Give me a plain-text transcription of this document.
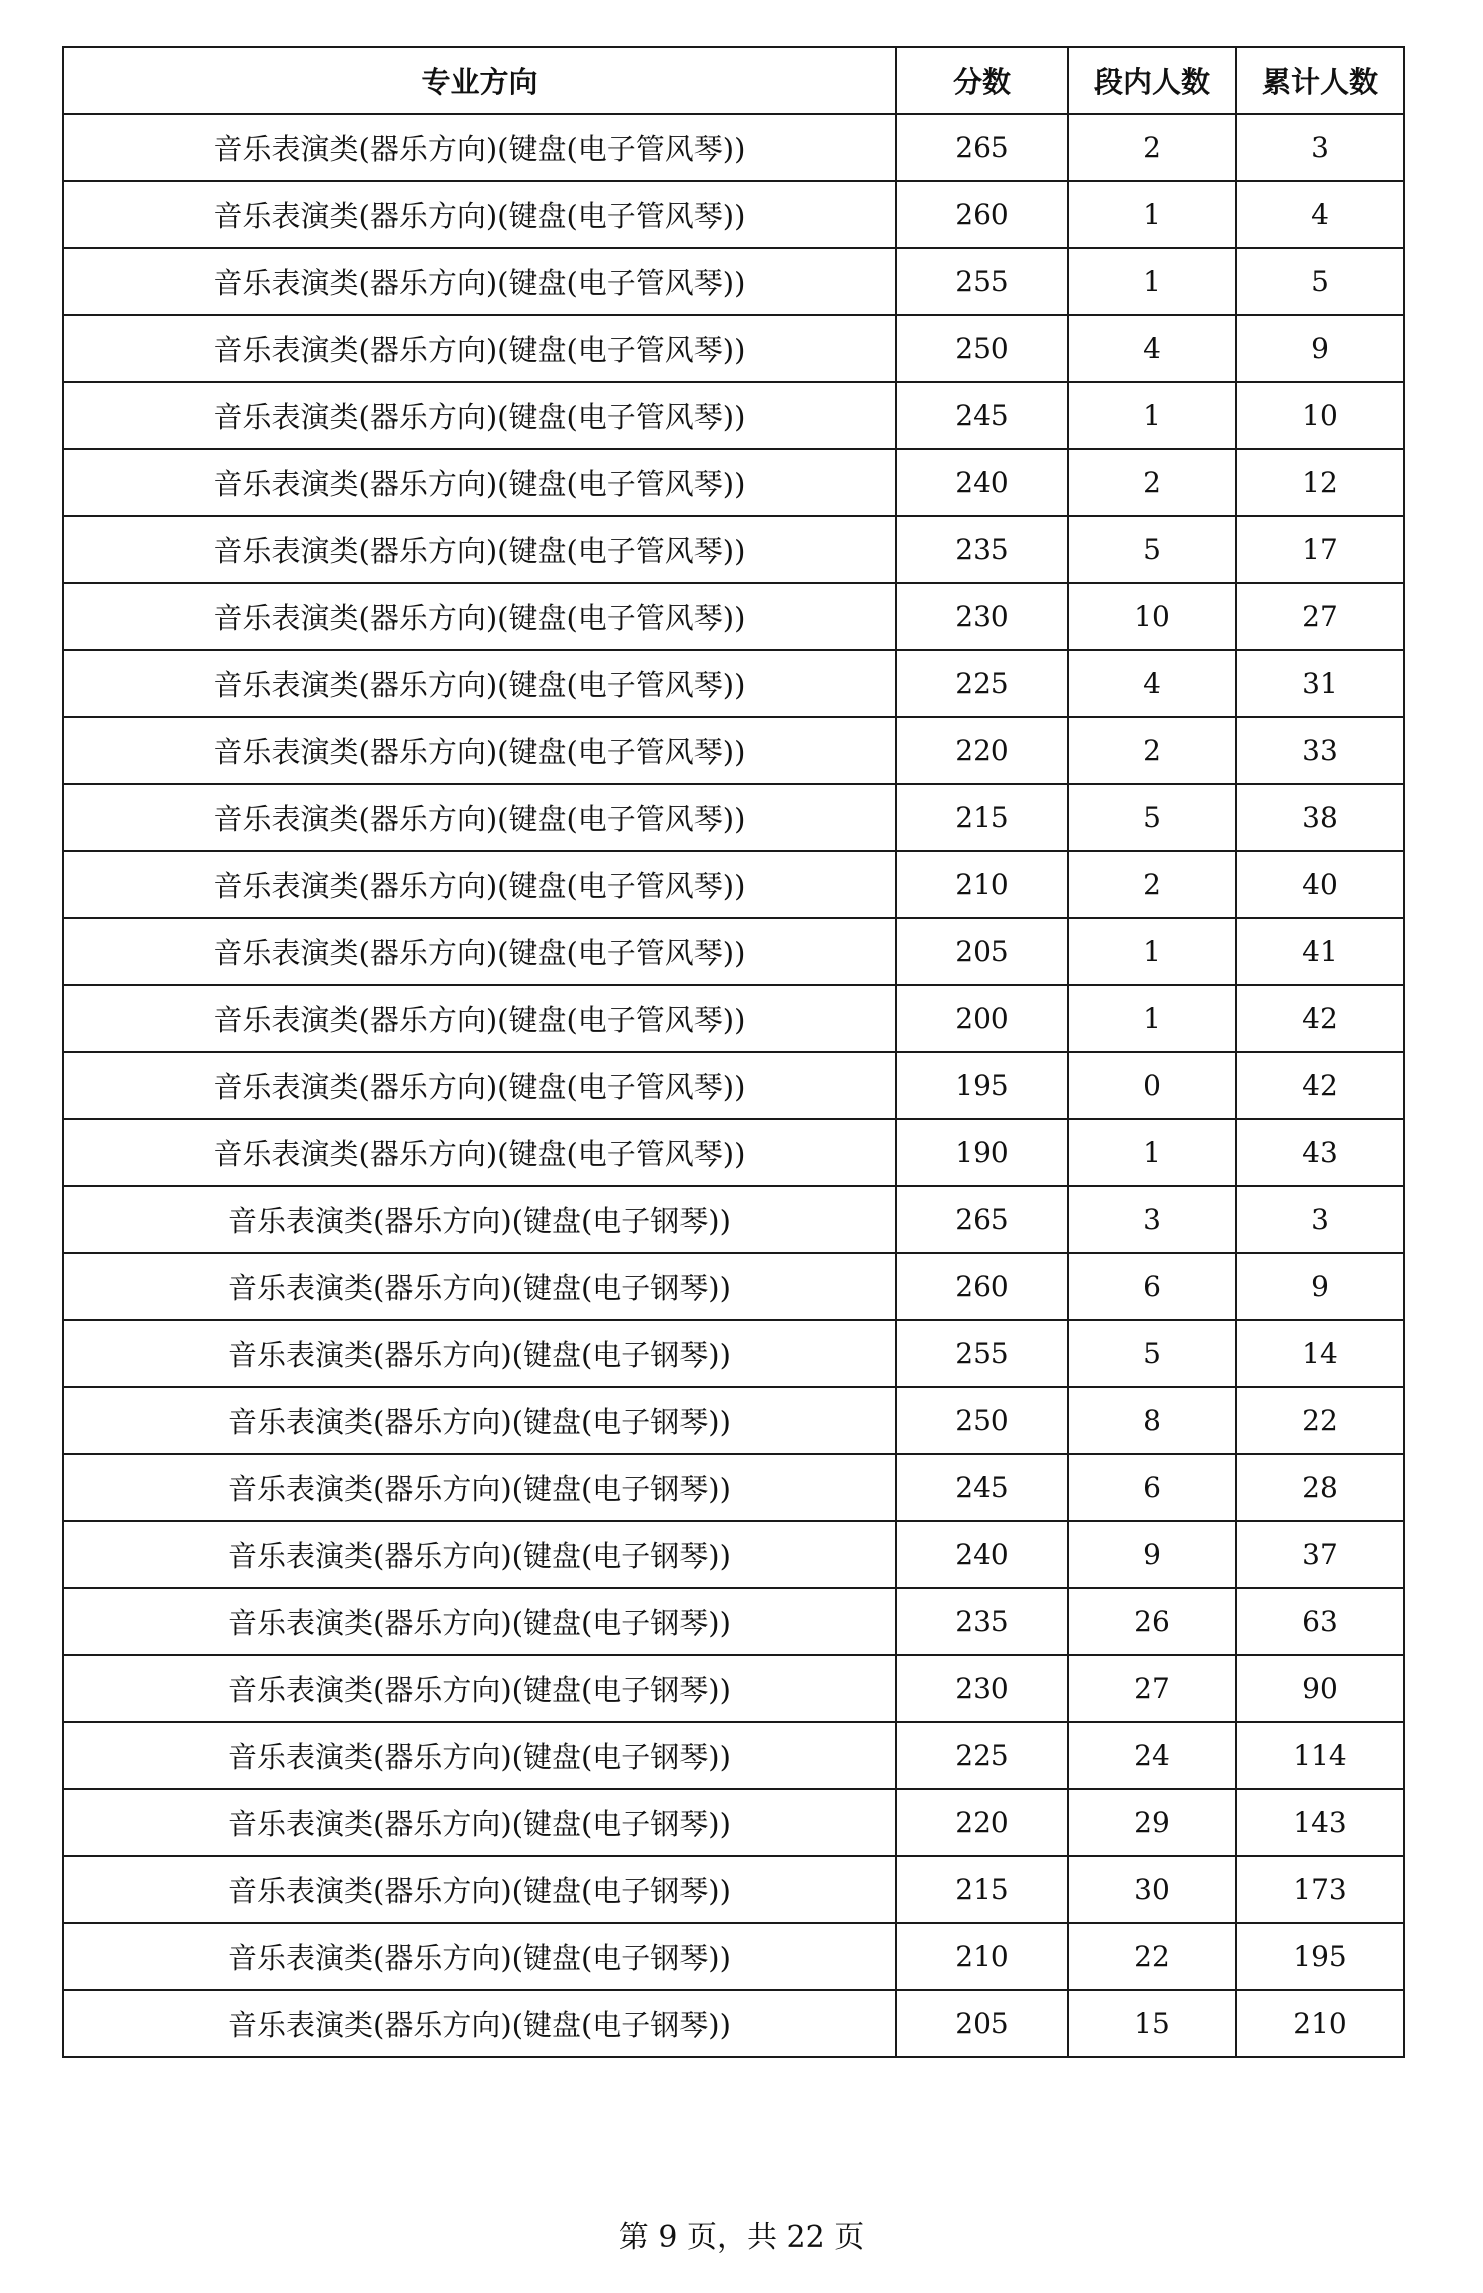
专业方向	分数	段内人数	累计人数
音乐表演类(器乐方向)(键盘(电子管风琴))	265	2	3
音乐表演类(器乐方向)(键盘(电子管风琴))	260	1	4
音乐表演类(器乐方向)(键盘(电子管风琴))	255	1	5
音乐表演类(器乐方向)(键盘(电子管风琴))	250	4	9
音乐表演类(器乐方向)(键盘(电子管风琴))	245	1	10
音乐表演类(器乐方向)(键盘(电子管风琴))	240	2	12
音乐表演类(器乐方向)(键盘(电子管风琴))	235	5	17
音乐表演类(器乐方向)(键盘(电子管风琴))	230	10	27
音乐表演类(器乐方向)(键盘(电子管风琴))	225	4	31
音乐表演类(器乐方向)(键盘(电子管风琴))	220	2	33
音乐表演类(器乐方向)(键盘(电子管风琴))	215	5	38
音乐表演类(器乐方向)(键盘(电子管风琴))	210	2	40
音乐表演类(器乐方向)(键盘(电子管风琴))	205	1	41
音乐表演类(器乐方向)(键盘(电子管风琴))	200	1	42
音乐表演类(器乐方向)(键盘(电子管风琴))	195	0	42
音乐表演类(器乐方向)(键盘(电子管风琴))	190	1	43
音乐表演类(器乐方向)(键盘(电子钢琴))	265	3	3
音乐表演类(器乐方向)(键盘(电子钢琴))	260	6	9
音乐表演类(器乐方向)(键盘(电子钢琴))	255	5	14
音乐表演类(器乐方向)(键盘(电子钢琴))	250	8	22
音乐表演类(器乐方向)(键盘(电子钢琴))	245	6	28
音乐表演类(器乐方向)(键盘(电子钢琴))	240	9	37
音乐表演类(器乐方向)(键盘(电子钢琴))	235	26	63
音乐表演类(器乐方向)(键盘(电子钢琴))	230	27	90
音乐表演类(器乐方向)(键盘(电子钢琴))	225	24	114
音乐表演类(器乐方向)(键盘(电子钢琴))	220	29	143
音乐表演类(器乐方向)(键盘(电子钢琴))	215	30	173
音乐表演类(器乐方向)(键盘(电子钢琴))	210	22	195
音乐表演类(器乐方向)(键盘(电子钢琴))	205	15	210
第 9 页，共 22 页
